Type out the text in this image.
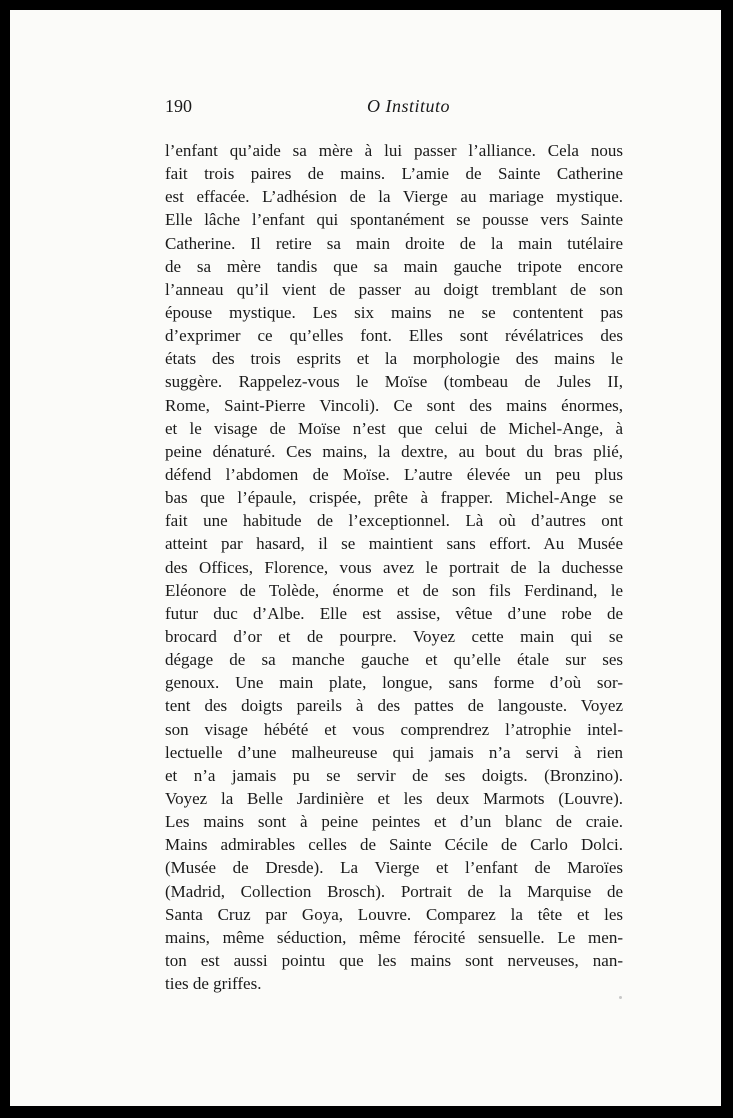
190	O Instituto
l’enfant qu’aide sa mère à lui passer l’alliance. Cela nous
fait trois paires de mains. L’amie de Sainte Catherine
est effacée. L’adhésion de la Vierge au mariage mystique.
Elle lâche l’enfant qui spontanément se pousse vers Sainte
Catherine. Il retire sa main droite de la main tutélaire
de sa mère tandis que sa main gauche tripote encore
l’anneau qu’il vient de passer au doigt tremblant de son
épouse mystique. Les six mains ne se contentent pas
d’exprimer ce qu’elles font. Elles sont révélatrices des
états des trois esprits et la morphologie des mains le
suggère. Rappelez-vous le Moïse (tombeau de Jules II,
Rome, Saint-Pierre Vincoli). Ce sont des mains énormes,
et le visage de Moïse n’est que celui de Michel-Ange, à
peine dénaturé. Ces mains, la dextre, au bout du bras plié,
défend l’abdomen de Moïse. L’autre élevée un peu plus
bas que l’épaule, crispée, prête à frapper. Michel-Ange se
fait une habitude de l’exceptionnel. Là où d’autres ont
atteint par hasard, il se maintient sans effort. Au Musée
des Offices, Florence, vous avez le portrait de la duchesse
Eléonore de Tolède, énorme et de son fils Ferdinand, le
futur duc d’Albe. Elle est assise, vêtue d’une robe de
brocard d’or et de pourpre. Voyez cette main qui se
dégage de sa manche gauche et qu’elle étale sur ses
genoux. Une main plate, longue, sans forme d’où sor-
tent des doigts pareils à des pattes de langouste. Voyez
son visage hébété et vous comprendrez l’atrophie intel-
lectuelle d’une malheureuse qui jamais n’a servi à rien
et n’a jamais pu se servir de ses doigts. (Bronzino).
Voyez la Belle Jardinière et les deux Marmots (Louvre).
Les mains sont à peine peintes et d’un blanc de craie.
Mains admirables celles de Sainte Cécile de Carlo Dolci.
(Musée de Dresde). La Vierge et l’enfant de Maroïes
(Madrid, Collection Brosch). Portrait de la Marquise de
Santa Cruz par Goya, Louvre. Comparez la tête et les
mains, même séduction, même férocité sensuelle. Le men-
ton est aussi pointu que les mains sont nerveuses, nan-
ties de griffes.
